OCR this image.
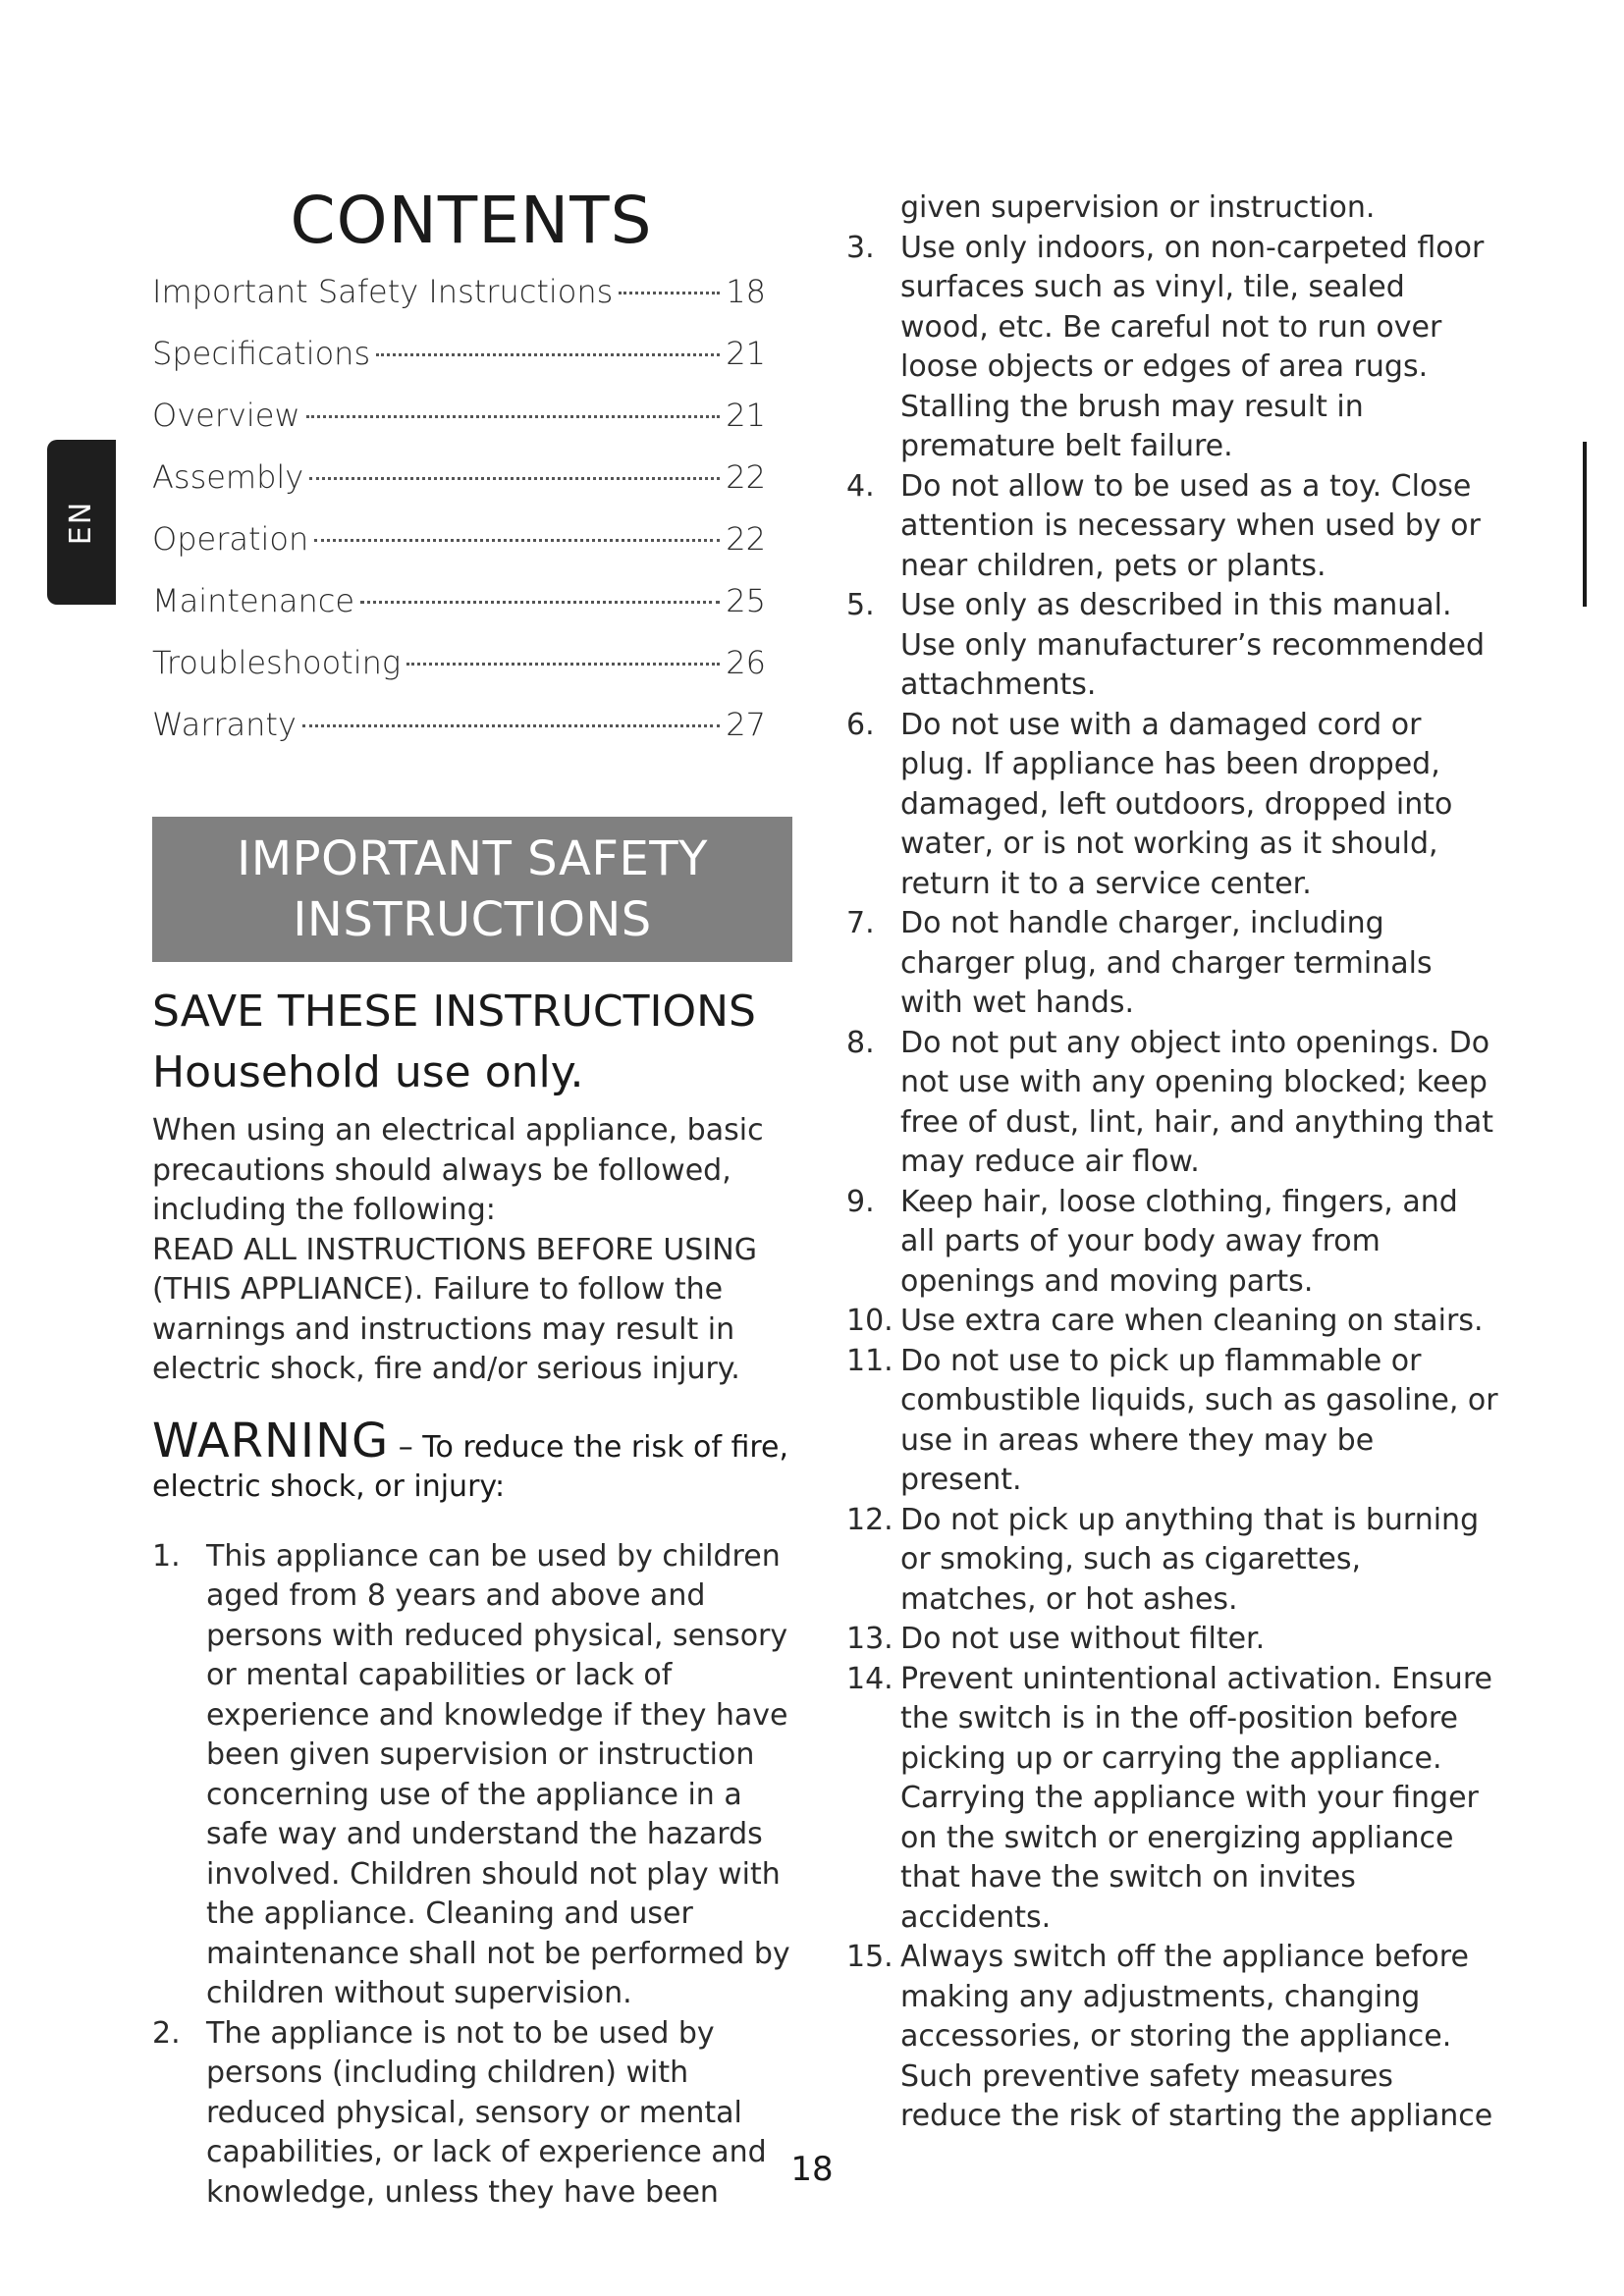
EN
CONTENTS
Important Safety Instructions	18
Specifications	21
Overview	21
Assembly	22
Operation	22
Maintenance	25
Troubleshooting	26
Warranty	27
IMPORTANT SAFETY
INSTRUCTIONS
SAVE THESE INSTRUCTIONS
Household use only.

When using an electrical appliance, basic precautions should always be followed, including the following:

READ ALL INSTRUCTIONS BEFORE USING (THIS APPLIANCE). Failure to follow the warnings and instructions may result in electric shock, fire and/or serious injury.

WARNING – To reduce the risk of fire, electric shock, or injury:

1. This appliance can be used by children aged from 8 years and above and persons with reduced physical, sensory or mental capabilities or lack of experience and knowledge if they have been given supervision or instruction concerning use of the appliance in a safe way and understand the hazards involved. Children should not play with the appliance. Cleaning and user maintenance shall not be performed by children without supervision.
2. The appliance is not to be used by persons (including children) with reduced physical, sensory or mental capabilities, or lack of experience and knowledge, unless they have been

given supervision or instruction.

3. Use only indoors, on non-carpeted floor surfaces such as vinyl, tile, sealed wood, etc. Be careful not to run over loose objects or edges of area rugs. Stalling the brush may result in premature belt failure.
4. Do not allow to be used as a toy. Close attention is necessary when used by or near children, pets or plants.
5. Use only as described in this manual. Use only manufacturer’s recommended attachments.
6. Do not use with a damaged cord or plug. If appliance has been dropped, damaged, left outdoors, dropped into water, or is not working as it should, return it to a service center.
7. Do not handle charger, including charger plug, and charger terminals with wet hands.
8. Do not put any object into openings. Do not use with any opening blocked; keep free of dust, lint, hair, and anything that may reduce air flow.
9. Keep hair, loose clothing, fingers, and all parts of your body away from openings and moving parts.
10. Use extra care when cleaning on stairs.
11. Do not use to pick up flammable or combustible liquids, such as gasoline, or use in areas where they may be present.
12. Do not pick up anything that is burning or smoking, such as cigarettes, matches, or hot ashes.
13. Do not use without filter.
14. Prevent unintentional activation. Ensure the switch is in the off-position before picking up or carrying the appliance. Carrying the appliance with your finger on the switch or energizing appliance that have the switch on invites accidents.
15. Always switch off the appliance before making any adjustments, changing accessories, or storing the appliance. Such preventive safety measures reduce the risk of starting the appliance
18
